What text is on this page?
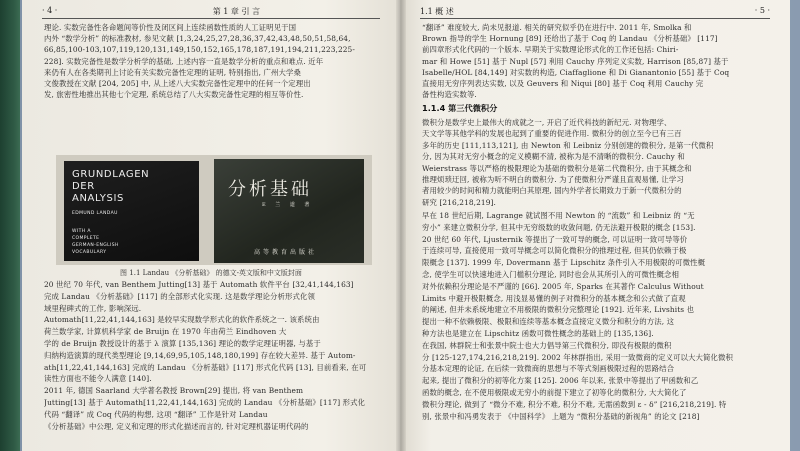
· 4 ·	第 1 章 引 言
理论. 实数完备性各命题间等价性及闭区间上连续函数性质的人工证明见于国
内外 “数学分析” 的标准教材, 参见文献 [1,3,24,25,27,28,36,37,42,43,48,50,51,58,64,
66,85,100-103,107,119,120,131,149,150,152,165,178,187,191,194,211,223,225-
228]. 实数完备性是数学分析学的基础, 上述内容一直是数学分析的重点和难点. 近年
来仍有人在各类期刊上讨论有关实数完备性定理的证明, 特别指出, 广州大学桑
文俊教授在文献 [204, 205] 中, 从上述八大实数完备性定理中的任何一个定理出
发, 旅密性地推出其他七个定理, 系统总结了八大实数完备性定理的相互等价性.
GRUNDLAGEN
DER
ANALYSIS
EDMUND LANDAU
WITH A
COMPLETE
GERMAN-ENGLISH
VOCABULARY
分析基础
E 兰 道 著
高等教育出版社
图 1.1 Landau 《分析基础》 的德文-英文版和中文版封面
20 世纪 70 年代, van Benthem Jutting[13] 基于 Automath 软件平台 [32,41,144,163]
完成 Landau 《分析基础》[117] 的全部形式化实现. 这是数学理论分析形式化领
域里程碑式的工作, 影响深远.
Automath[11,22,41,144,163] 是较早实现数学形式化的软件系统之一. 该系统由
荷兰数学家, 计算机科学家 de Bruijn 在 1970 年由荷兰 Eindhoven 大
学的 de Bruijn 教授设计的基于 λ 演算 [135,136] 理论的数学定理证明器, 与基于
归纳构造演算的现代类型理论 [9,14,69,95,105,148,180,199] 存在较大差异. 基于 Autom-
ath[11,22,41,144,163] 完成的 Landau 《分析基础》[117] 形式化代码 [13], 目前看来, 在可
读性方面也不能令人满意 [140].
2011 年, 德国 Saarland 大学著名教授 Brown[29] 提出, 将 van Benthem
Jutting[13] 基于 Automath[11,22,41,144,163] 完成的 Landau 《分析基础》[117] 形式化
代码 “翻译” 成 Coq 代码的构想, 这项 “翻译” 工作是针对 Landau
《分析基础》中公理, 定义和定理的形式化描述而言的, 针对定理机器证明代码的
1.1 概 述	· 5 ·
“翻译” 难度较大, 尚未见报道. 相关的研究似乎仍在进行中. 2011 年, Smolka 和
Brown 指导的学生 Hornung [89] 还给出了基于 Coq 的 Landau 《分析基础》 [117]
前四章形式化代码的一个版本. 早期关于实数理论形式化的工作还包括: Chiri-
mar 和 Howe [51] 基于 Nupl [57] 利用 Cauchy 序列定义实数, Harrison [85,87] 基于
Isabelle/HOL [84,149] 对实数的构造, Ciaffaglione 和 Di Gianantonio [55] 基于 Coq
直接用无穷序列表达实数, 以及 Geuvers 和 Niqui [80] 基于 Coq 利用 Cauchy 完
备性构造实数等.
1.1.4 第三代微积分
微积分是数学史上最伟大的成就之一, 开启了近代科技的新纪元. 对物理学、
天文学等其他学科的发展也起到了重要的促进作用. 微积分的创立至今已有三百
多年的历史 [111,113,121], 由 Newton 和 Leibniz 分别创建的微积分, 是第一代微积
分, 因为其对无穷小概念的定义模糊不清, 被称为是不清晰的微积分. Cauchy 和
Weierstrass 等以严格的极限理论为基础的微积分是第二代微积分, 由于其概念和
推理烦琐迂回, 被称为听不明白的微积分. 为了使微积分严谨且直观易懂, 让学习
者用较少的时间和精力就能明白其原理, 国内外学者长期致力于新一代微积分的
研究 [216,218,219].
早在 18 世纪后期, Lagrange 就试图不用 Newton 的 “流数” 和 Leibniz 的 “无
穷小” 来建立微积分学, 但其中无穷级数的收敛问题, 仍无法避开极限的概念 [153].
20 世纪 60 年代, Ljusternik 等提出了一致可导的概念, 可以证明一致可导等价
于连续可导, 直接使用一致可导概念可以简化微积分的推理过程, 但其仍依赖于极
限概念 [137]. 1999 年, Dovermann 基于 Lipschitz 条件引入不用极限的可微性概
念, 使学生可以快速地进入门槛积分理论, 同时也会从其所引入的可微性概念相
对外依赖积分理论是不严谨的 [66]. 2005 年, Sparks 在其著作 Calculus Without
Limits 中避开极限概念, 用浅显易懂的例子对微积分的基本概念和公式做了直观
的阐述, 但并未系统地建立不用极限的微积分完整理论 [192]. 近年来, Livshits 也
提出一种不依赖极限、极限和连续等基本概念直接定义微分和积分的方法, 这
种方法也是建立在 Lipschitz 函数可微性概念的基础上的 [135,136].
在我国, 林群院士和张景中院士也大力倡导第三代微积分, 即没有极限的微积
分 [125-127,174,216,218,219]. 2002 年林群指出, 采用一致微商的定义可以大大简化微积
分基本定理的论证, 在后续一致微商的思想与不等式刻画极限过程的思路结合
起来, 提出了微积分的初等化方案 [125]. 2006 年以来, 张景中等提出了甲函数和乙
函数的概念, 在不使用极限或无穷小的前提下建立了初等化的微积分, 大大简化了
微积分理论, 做到了 “微分不难, 积分不难, 积分不难, 无需函数到 ε - δ” [216,218,219]. 特
别, 张景中和冯勇发表于 《中国科学》 上题为 “微积分基础的新视角” 的论文 [218]
